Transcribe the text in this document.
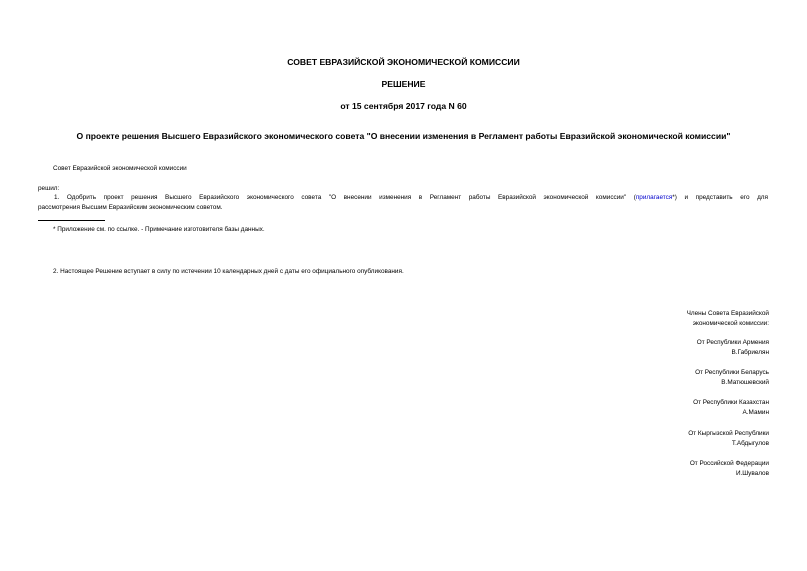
СОВЕТ ЕВРАЗИЙСКОЙ ЭКОНОМИЧЕСКОЙ КОМИССИИ
РЕШЕНИЕ
от 15 сентября 2017 года N 60
О проекте решения Высшего Евразийского экономического совета "О внесении изменения в Регламент работы Евразийской экономической комиссии"
Совет Евразийской экономической комиссии
решил:
1. Одобрить проект решения Высшего Евразийского экономического совета "О внесении изменения в Регламент работы Евразийской экономической комиссии" (прилагается*) и представить его для
рассмотрения Высшим Евразийским экономическим советом.
* Приложение см. по ссылке. - Примечание изготовителя базы данных.
2. Настоящее Решение вступает в силу по истечении 10 календарных дней с даты его официального опубликования.
Члены Совета Евразийской
экономической комиссии:
От Республики Армения
В.Габриелян
От Республики Беларусь
В.Матюшевский
От Республики Казахстан
А.Мамин
От Кыргызской Республики
Т.Абдыгулов
От Российской Федерации
И.Шувалов
